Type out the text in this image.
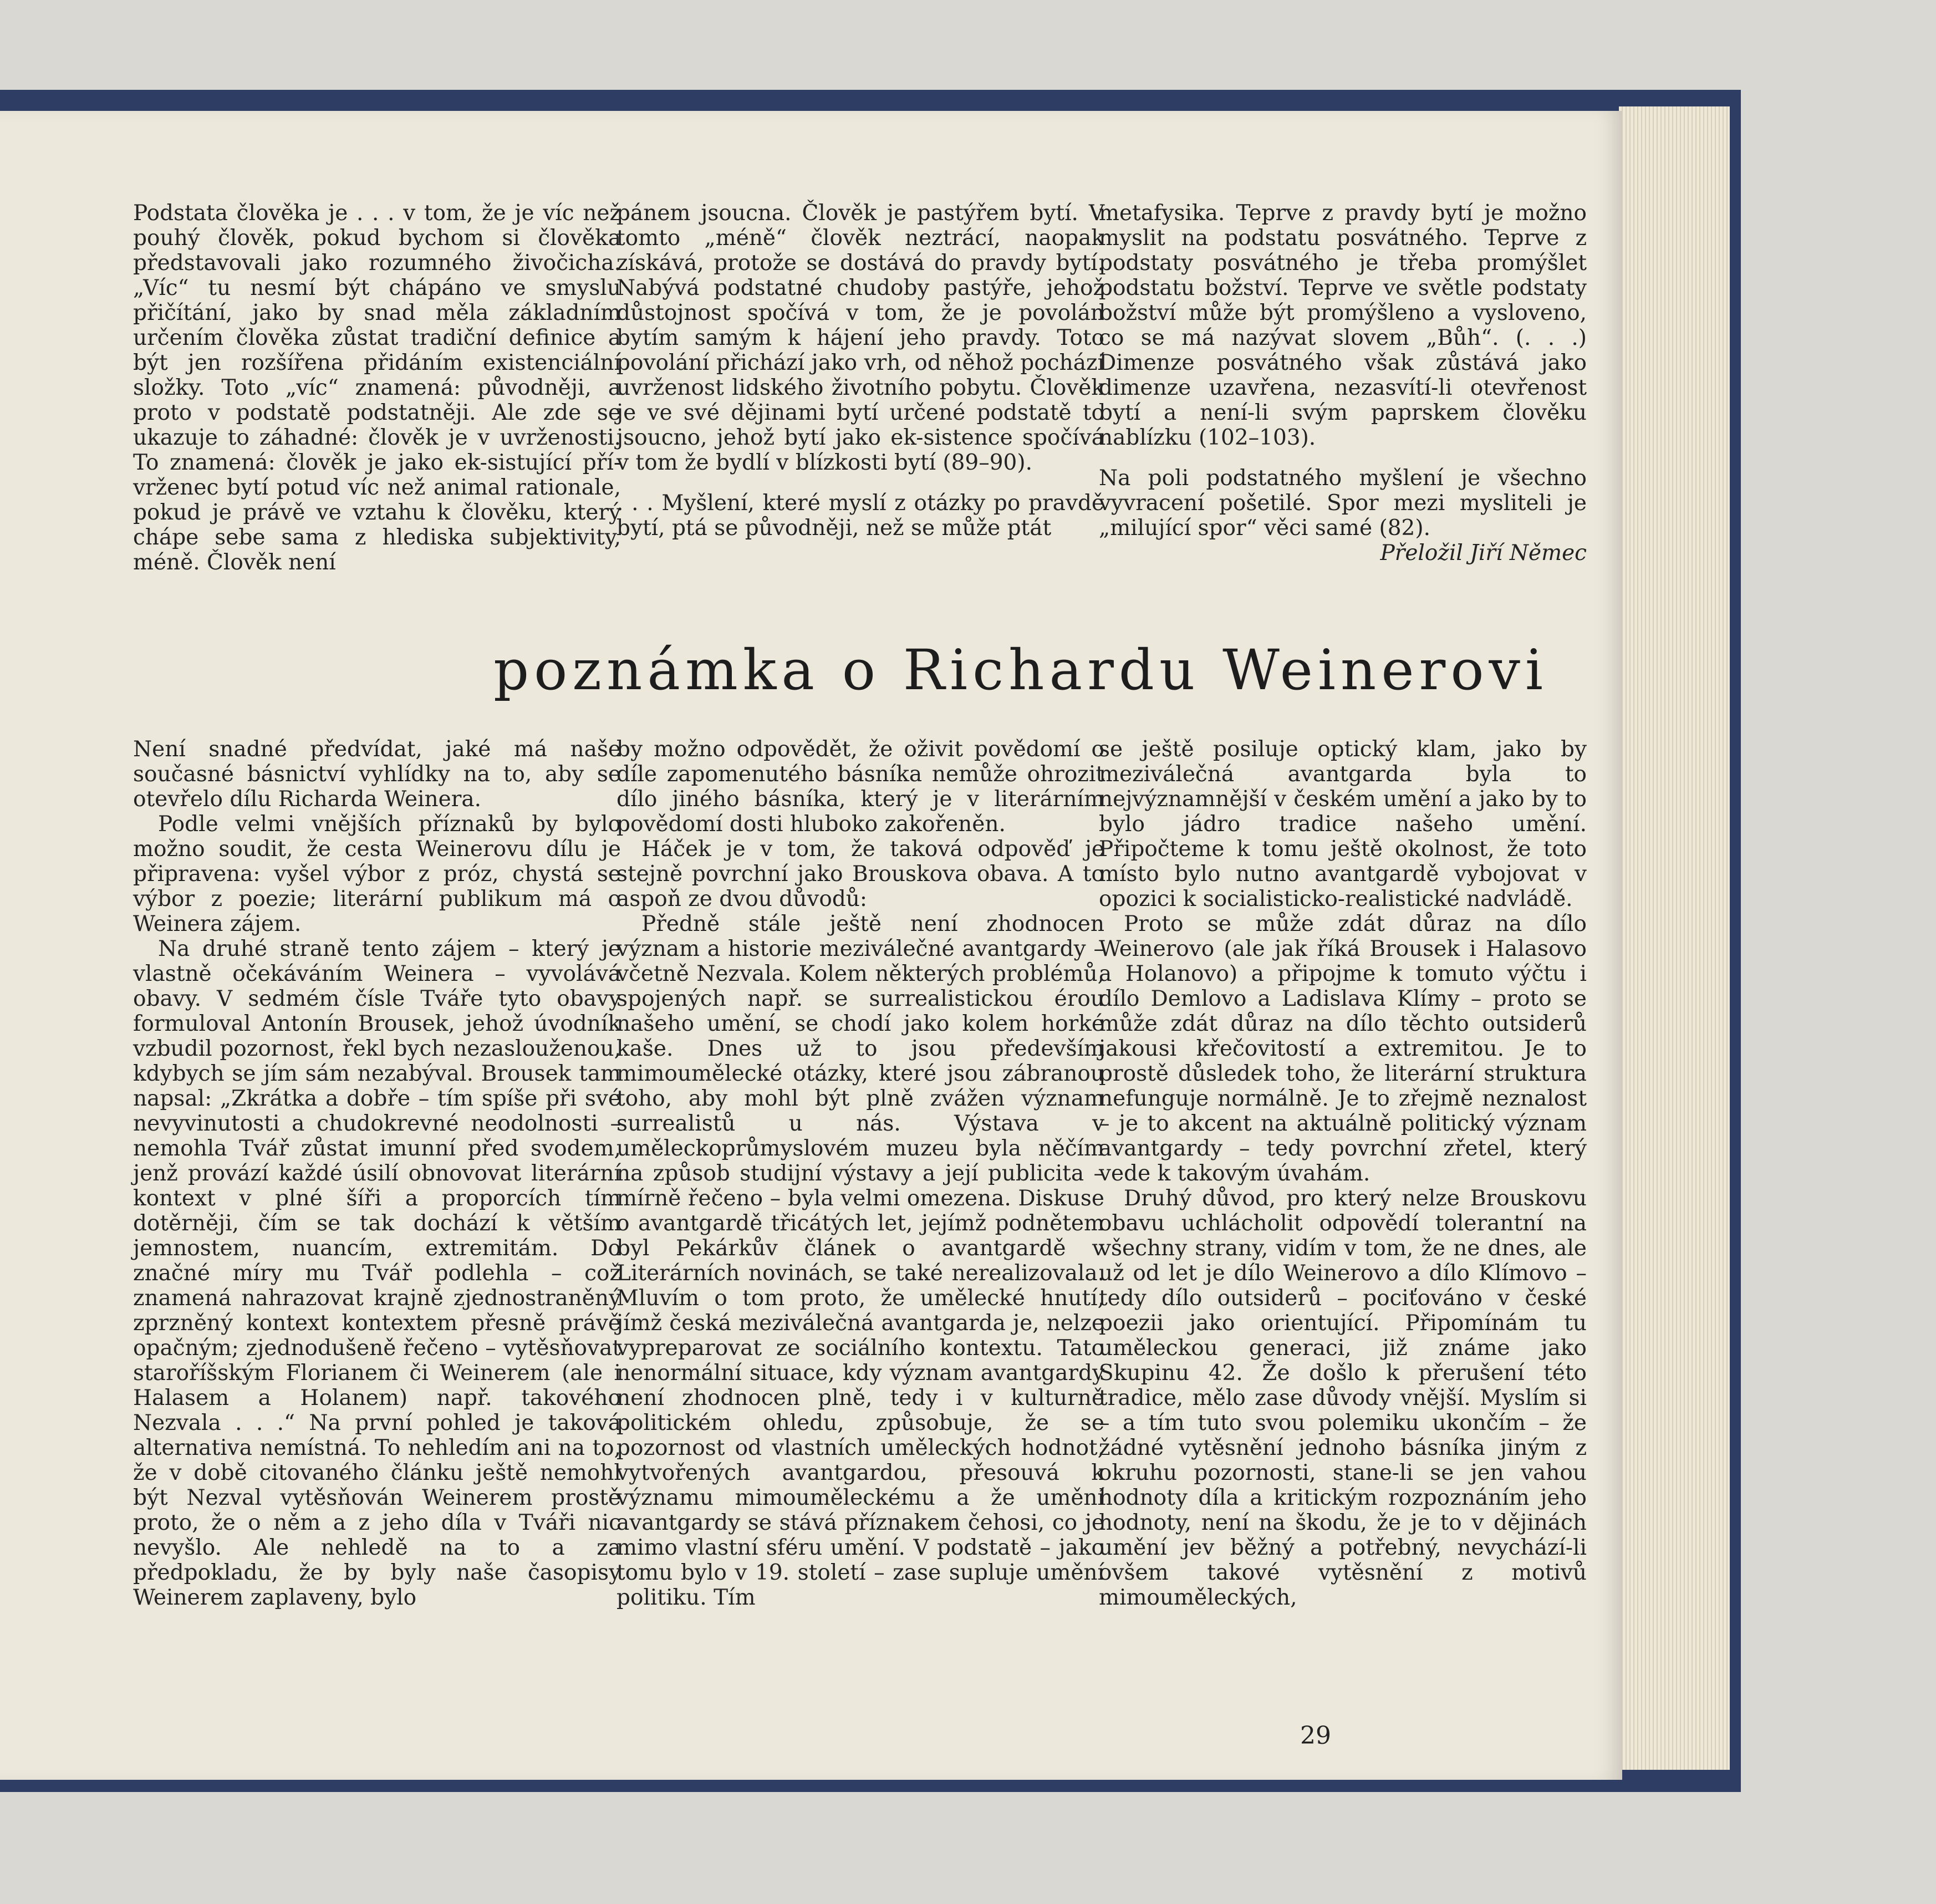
Podstata člověka je . . . v tom, že je víc než pouhý člověk, pokud bychom si člověka představovali jako rozumného živočicha. „Víc“ tu nesmí být chápáno ve smyslu přičítání, jako by snad měla základním určením člověka zůstat tradiční definice a být jen rozšířena přidáním existenciální složky. Toto „víc“ znamená: původněji, a proto v podstatě podstatněji. Ale zde se ukazuje to záhadné: člověk je v uvrženosti. To znamená: člověk je jako ek-sistující pří-vrženec bytí potud víc než animal rationale, pokud je právě ve vztahu k člověku, který chápe sebe sama z hlediska subjektivity, méně. Člověk není

pánem jsoucna. Člověk je pastýřem bytí. V tomto „méně“ člověk neztrácí, naopak získává, protože se dostává do pravdy bytí. Nabývá podstatné chudoby pastýře, jehož důstojnost spočívá v tom, že je povolán bytím samým k hájení jeho pravdy. Toto povolání přichází jako vrh, od něhož pochází uvrženost lidského životního pobytu. Člověk je ve své dějinami bytí určené podstatě to jsoucno, jehož bytí jako ek-sistence spočívá v tom že bydlí v blízkosti bytí (89–90).

. . . Myšlení, které myslí z otázky po pravdě bytí, ptá se původněji, než se může ptát

metafysika. Teprve z pravdy bytí je možno myslit na podstatu posvátného. Teprve z podstaty posvátného je třeba promýšlet podstatu božství. Teprve ve světle podstaty božství může být promýšleno a vysloveno, co se má nazývat slovem „Bůh“. (. . .) Dimenze posvátného však zůstává jako dimenze uzavřena, nezasvítí-li otevřenost bytí a není-li svým paprskem člověku nablízku (102–103).

Na poli podstatného myšlení je všechno vyvracení pošetilé. Spor mezi mysliteli je „milující spor“ věci samé (82).

Přeložil Jiří Němec

poznámka o Richardu Weinerovi

Není snadné předvídat, jaké má naše současné básnictví vyhlídky na to, aby se otevřelo dílu Richarda Weinera.

Podle velmi vnějších příznaků by bylo možno soudit, že cesta Weinerovu dílu je připravena: vyšel výbor z próz, chystá se výbor z poezie; literární publikum má o Weinera zájem.

Na druhé straně tento zájem – který je vlastně očekáváním Weinera – vyvolává obavy. V sedmém čísle Tváře tyto obavy formuloval Antonín Brousek, jehož úvodník vzbudil pozornost, řekl bych nezaslouženou, kdybych se jím sám nezabýval. Brousek tam napsal: „Zkrátka a dobře – tím spíše při své nevyvinutosti a chudokrevné neodolnosti – nemohla Tvář zůstat imunní před svodem, jenž provází každé úsilí obnovovat literární kontext v plné šíři a proporcích tím dotěrněji, čím se tak dochází k větším jemnostem, nuancím, extremitám. Do značné míry mu Tvář podlehla – což znamená nahrazovat krajně zjednostraněný zprzněný kontext kontextem přesně právě opačným; zjednodušeně řečeno – vytěsňovat staroříšským Florianem či Weinerem (ale i Halasem a Holanem) např. takového Nezvala . . .“ Na první pohled je taková alternativa nemístná. To nehledím ani na to, že v době citovaného článku ještě nemohl být Nezval vytěsňován Weinerem prostě proto, že o něm a z jeho díla v Tváři nic nevyšlo. Ale nehledě na to a za předpokladu, že by byly naše časopisy Weinerem zaplaveny, bylo

by možno odpovědět, že oživit povědomí o díle zapomenutého básníka nemůže ohrozit dílo jiného básníka, který je v literárním povědomí dosti hluboko zakořeněn.

Háček je v tom, že taková odpověď je stejně povrchní jako Brouskova obava. A to aspoň ze dvou důvodů:

Předně stále ještě není zhodnocen význam a historie meziválečné avantgardy – včetně Nezvala. Kolem některých problémů, spojených např. se surrealistickou érou našeho umění, se chodí jako kolem horké kaše. Dnes už to jsou především mimoumělecké otázky, které jsou zábranou toho, aby mohl být plně zvážen význam surrealistů u nás. Výstava v uměleckoprůmyslovém muzeu byla něčím na způsob studijní výstavy a její publicita – mírně řečeno – byla velmi omezena. Diskuse o avantgardě třicátých let, jejímž podnětem byl Pekárkův článek o avantgardě v Literárních novinách, se také nerealizovala. Mluvím o tom proto, že umělecké hnutí, jímž česká meziválečná avantgarda je, nelze vypreparovat ze sociálního kontextu. Tato nenormální situace, kdy význam avantgardy není zhodnocen plně, tedy i v kulturně politickém ohledu, způsobuje, že se pozornost od vlastních uměleckých hodnot, vytvořených avantgardou, přesouvá k významu mimouměleckému a že umění avantgardy se stává příznakem čehosi, co je mimo vlastní sféru umění. V podstatě – jako tomu bylo v 19. století – zase supluje umění politiku. Tím

se ještě posiluje optický klam, jako by meziválečná avantgarda byla to nejvýznamnější v českém umění a jako by to bylo jádro tradice našeho umění. Připočteme k tomu ještě okolnost, že toto místo bylo nutno avantgardě vybojovat v opozici k socialisticko-realistické nadvládě.

Proto se může zdát důraz na dílo Weinerovo (ale jak říká Brousek i Halasovo a Holanovo) a připojme k tomuto výčtu i dílo Demlovo a Ladislava Klímy – proto se může zdát důraz na dílo těchto outsiderů jakousi křečovitostí a extremitou. Je to prostě důsledek toho, že literární struktura nefunguje normálně. Je to zřejmě neznalost – je to akcent na aktuálně politický význam avantgardy – tedy povrchní zřetel, který vede k takovým úvahám.

Druhý důvod, pro který nelze Brouskovu obavu uchlácholit odpovědí tolerantní na všechny strany, vidím v tom, že ne dnes, ale už od let je dílo Weinerovo a dílo Klímovo – tedy dílo outsiderů – pociťováno v české poezii jako orientující. Připomínám tu uměleckou generaci, již známe jako Skupinu 42. Že došlo k přerušení této tradice, mělo zase důvody vnější. Myslím si – a tím tuto svou polemiku ukončím – že žádné vytěsnění jednoho básníka jiným z okruhu pozornosti, stane-li se jen vahou hodnoty díla a kritickým rozpoznáním jeho hodnoty, není na škodu, že je to v dějinách umění jev běžný a potřebný, nevychází-li ovšem takové vytěsnění z motivů mimouměleckých,

29
